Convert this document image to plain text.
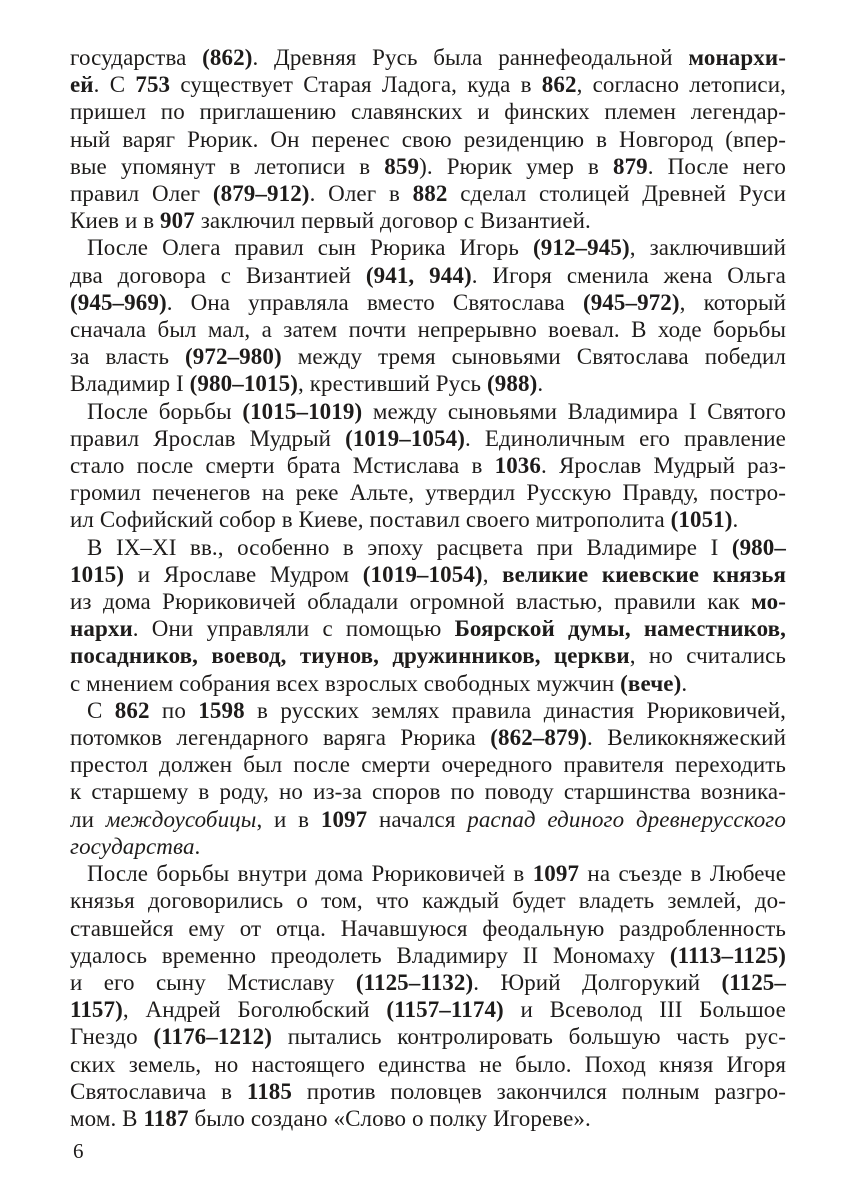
государства (862). Древняя Русь была раннефеодальной монархи-
ей. С 753 существует Старая Ладога, куда в 862, согласно летописи,
пришел по приглашению славянских и финских племен легендар-
ный варяг Рюрик. Он перенес свою резиденцию в Новгород (впер-
вые упомянут в летописи в 859). Рюрик умер в 879. После него
правил Олег (879–912). Олег в 882 сделал столицей Древней Руси
Киев и в 907 заключил первый договор с Византией.
После Олега правил сын Рюрика Игорь (912–945), заключивший
два договора с Византией (941, 944). Игоря сменила жена Ольга
(945–969). Она управляла вместо Святослава (945–972), который
сначала был мал, а затем почти непрерывно воевал. В ходе борьбы
за власть (972–980) между тремя сыновьями Святослава победил
Владимир I (980–1015), крестивший Русь (988).
После борьбы (1015–1019) между сыновьями Владимира I Святого
правил Ярослав Мудрый (1019–1054). Единоличным его правление
стало после смерти брата Мстислава в 1036. Ярослав Мудрый раз-
громил печенегов на реке Альте, утвердил Русскую Правду, постро-
ил Софийский собор в Киеве, поставил своего митрополита (1051).
В IX–XI вв., особенно в эпоху расцвета при Владимире I (980–
1015) и Ярославе Мудром (1019–1054), великие киевские князья
из дома Рюриковичей обладали огромной властью, правили как мо-
нархи. Они управляли с помощью Боярской думы, наместников,
посадников, воевод, тиунов, дружинников, церкви, но считались
с мнением собрания всех взрослых свободных мужчин (вече).
С 862 по 1598 в русских землях правила династия Рюриковичей,
потомков легендарного варяга Рюрика (862–879). Великокняжеский
престол должен был после смерти очередного правителя переходить
к старшему в роду, но из-за споров по поводу старшинства возника-
ли междоусобицы, и в 1097 начался распад единого древнерусского
государства.
После борьбы внутри дома Рюриковичей в 1097 на съезде в Любече
князья договорились о том, что каждый будет владеть землей, до-
ставшейся ему от отца. Начавшуюся феодальную раздробленность
удалось временно преодолеть Владимиру II Мономаху (1113–1125)
и его сыну Мстиславу (1125–1132). Юрий Долгорукий (1125–
1157), Андрей Боголюбский (1157–1174) и Всеволод III Большое
Гнездо (1176–1212) пытались контролировать большую часть рус-
ских земель, но настоящего единства не было. Поход князя Игоря
Святославича в 1185 против половцев закончился полным разгро-
мом. В 1187 было создано «Слово о полку Игореве».
6
